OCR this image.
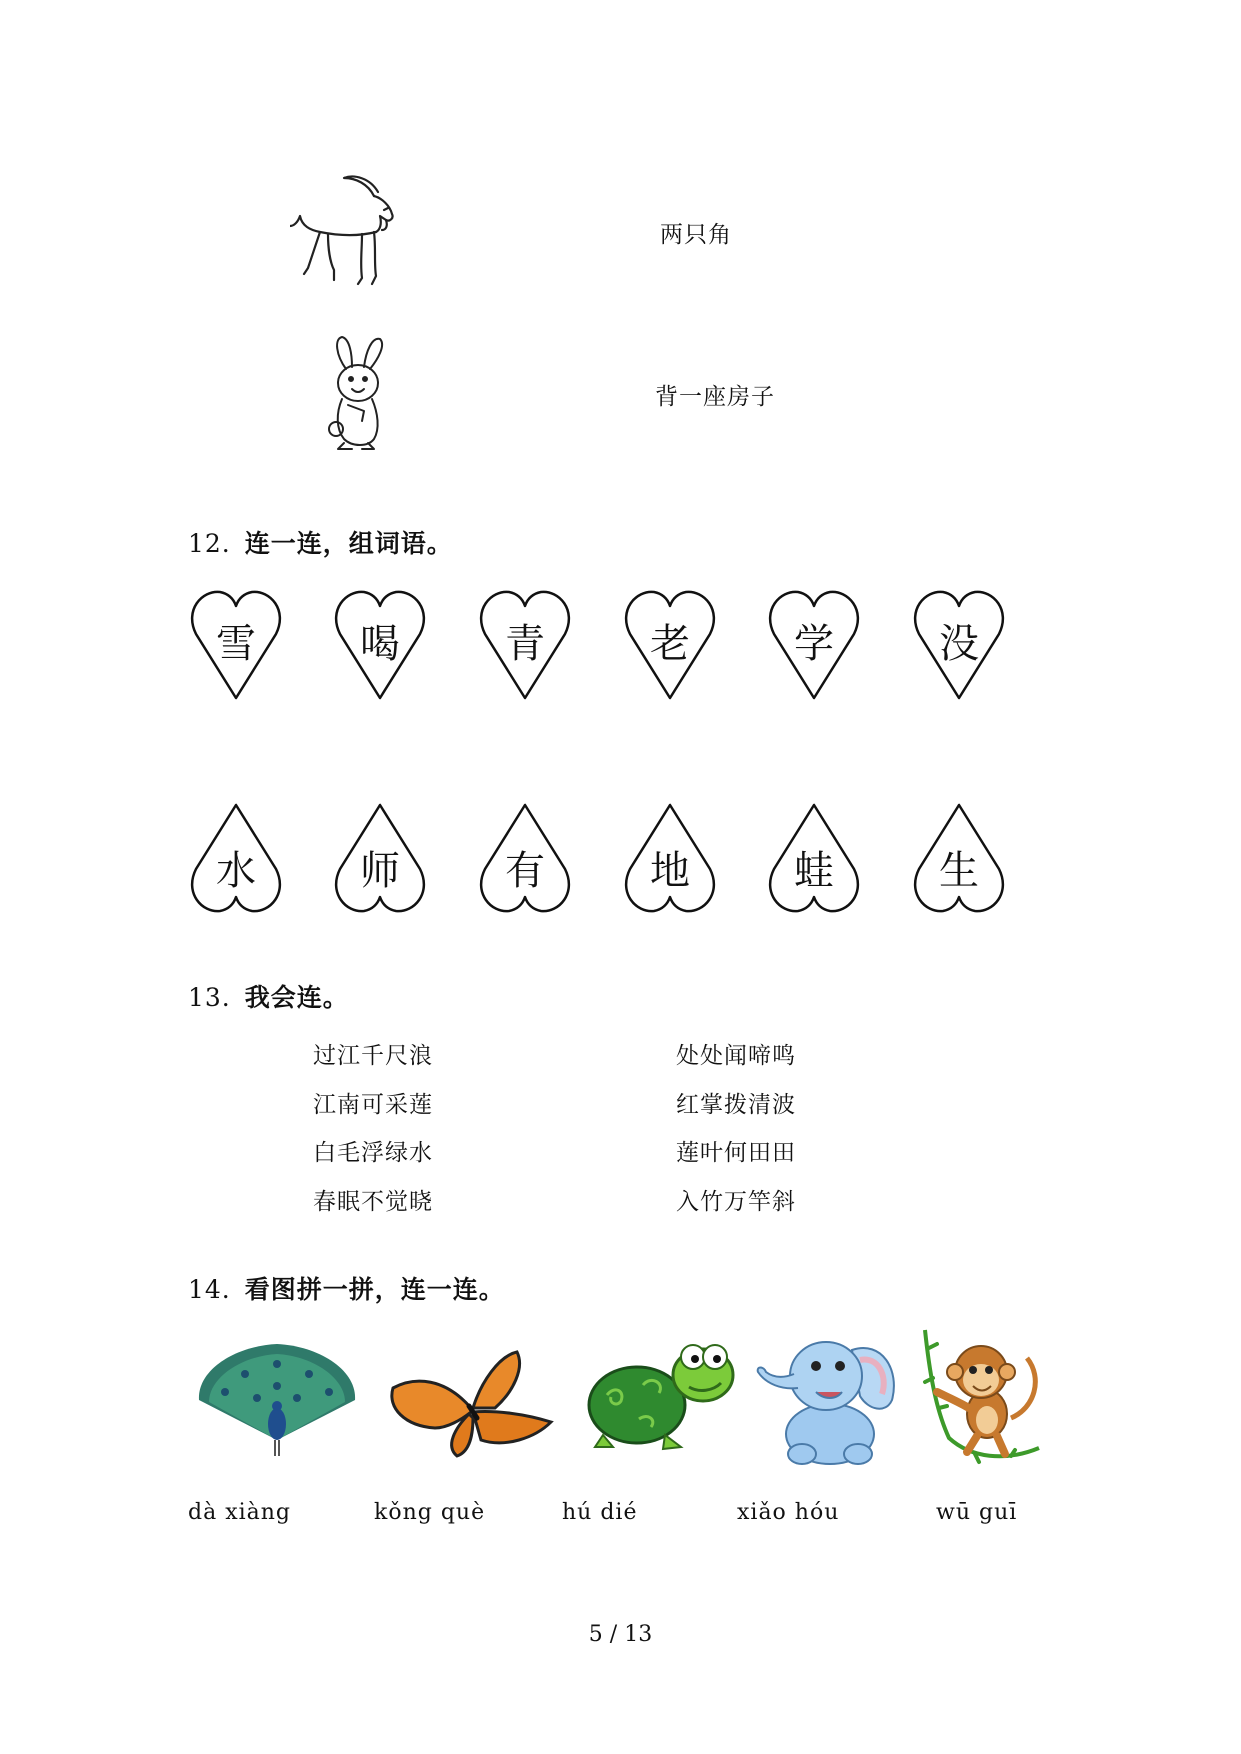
两只角
背一座房子
12. 连一连，组词语。
雪	喝	青	老	学	没
水	师	有	地	蛙	生
13. 我会连。
过江千尺浪
江南可采莲
白毛浮绿水
春眠不觉晓
处处闻啼鸣
红掌拨清波
莲叶何田田
入竹万竿斜
14. 看图拼一拼，连一连。
dà xiàng	kǒng què	hú dié	xiǎo hóu	wū guī
5 / 13
